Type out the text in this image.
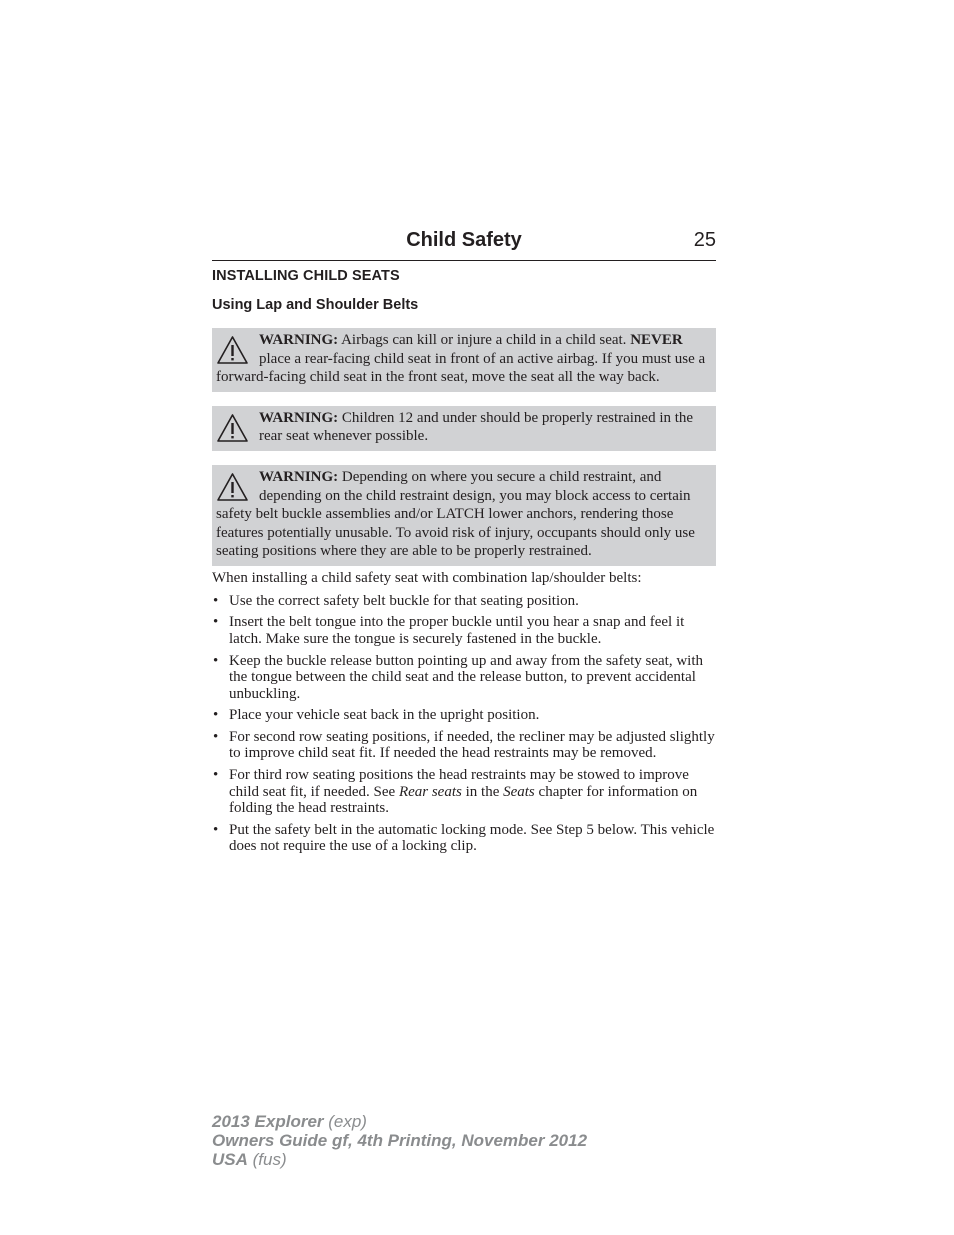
Child Safety	25
INSTALLING CHILD SEATS
Using Lap and Shoulder Belts
WARNING: Airbags can kill or injure a child in a child seat. NEVER place a rear-facing child seat in front of an active airbag. If you must use a forward-facing child seat in the front seat, move the seat all the way back.
WARNING: Children 12 and under should be properly restrained in the rear seat whenever possible.
WARNING: Depending on where you secure a child restraint, and depending on the child restraint design, you may block access to certain safety belt buckle assemblies and/or LATCH lower anchors, rendering those features potentially unusable. To avoid risk of injury, occupants should only use seating positions where they are able to be properly restrained.
When installing a child safety seat with combination lap/shoulder belts:
• Use the correct safety belt buckle for that seating position.
• Insert the belt tongue into the proper buckle until you hear a snap and feel it latch. Make sure the tongue is securely fastened in the buckle.
• Keep the buckle release button pointing up and away from the safety seat, with the tongue between the child seat and the release button, to prevent accidental unbuckling.
• Place your vehicle seat back in the upright position.
• For second row seating positions, if needed, the recliner may be adjusted slightly to improve child seat fit. If needed the head restraints may be removed.
• For third row seating positions the head restraints may be stowed to improve child seat fit, if needed. See Rear seats in the Seats chapter for information on folding the head restraints.
• Put the safety belt in the automatic locking mode. See Step 5 below. This vehicle does not require the use of a locking clip.
2013 Explorer (exp)
Owners Guide gf, 4th Printing, November 2012
USA (fus)
